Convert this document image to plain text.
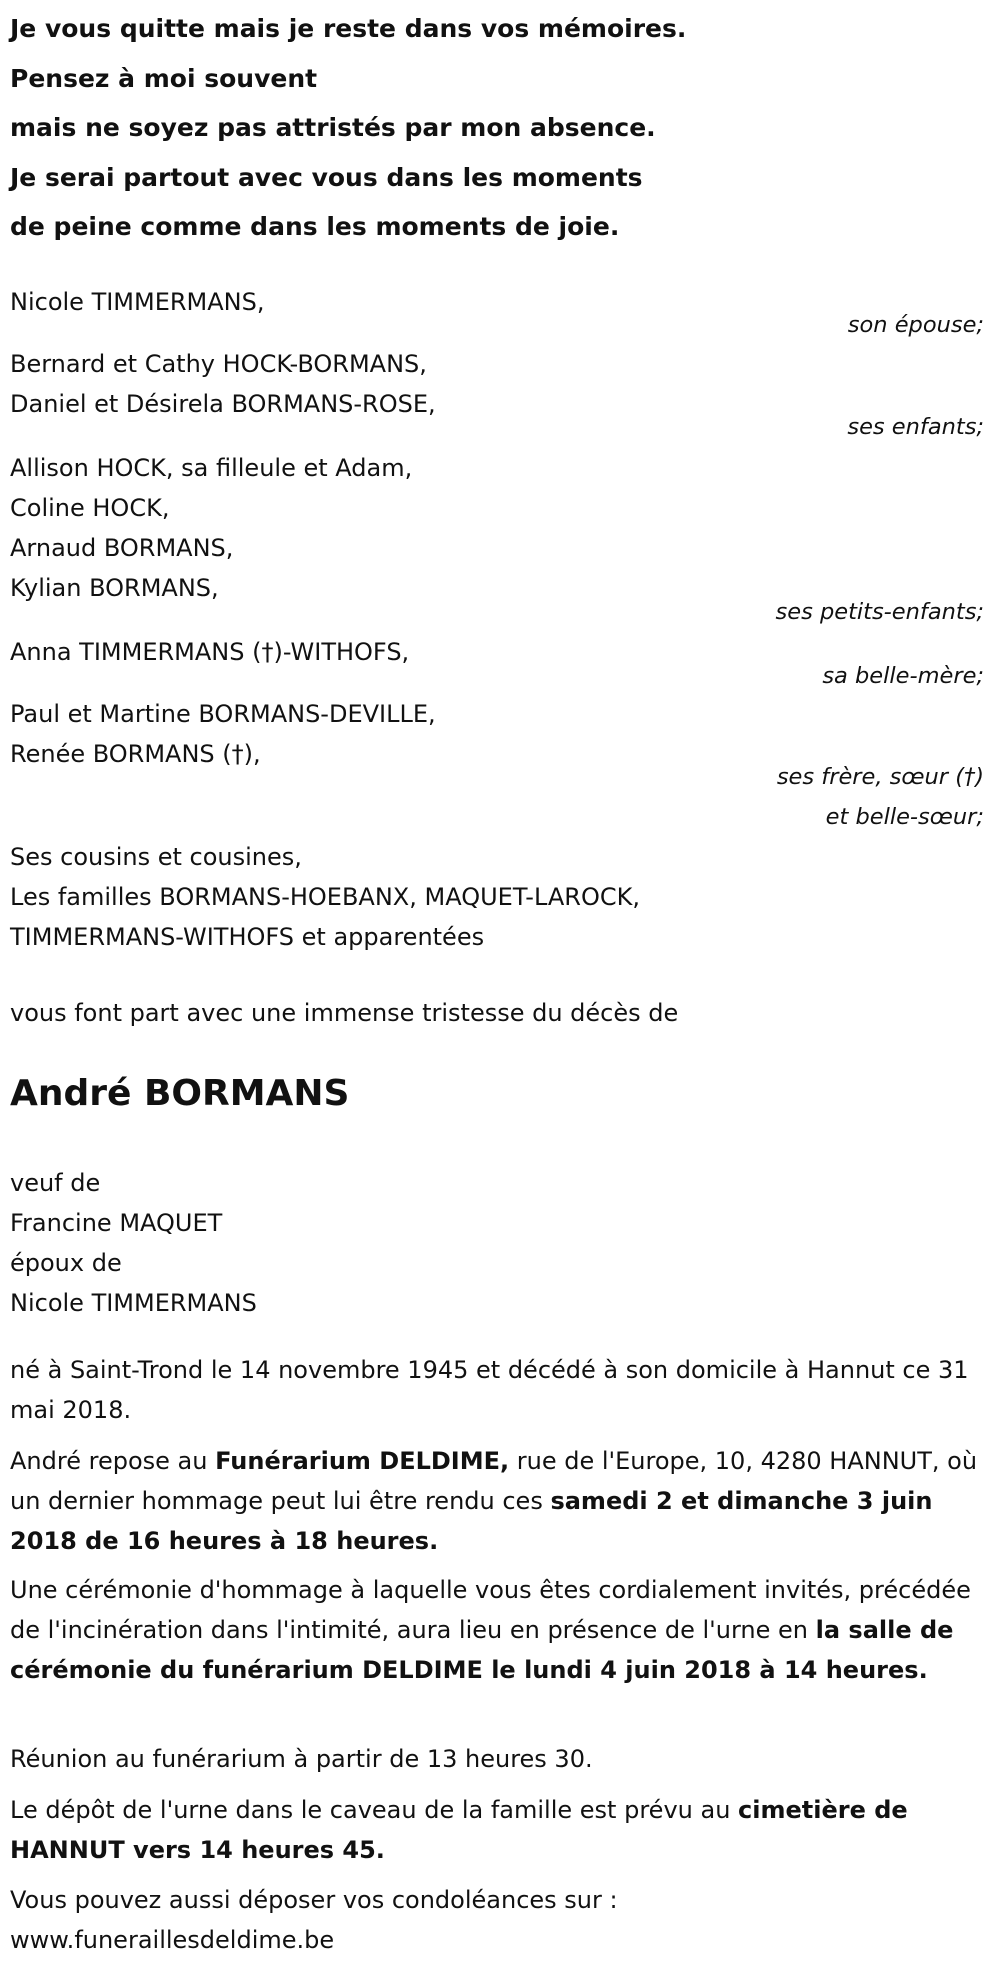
Je vous quitte mais je reste dans vos mémoires.
Pensez à moi souvent
mais ne soyez pas attristés par mon absence.
Je serai partout avec vous dans les moments
de peine comme dans les moments de joie.
Nicole TIMMERMANS,
son épouse;
Bernard et Cathy HOCK-BORMANS,
Daniel et Désirela BORMANS-ROSE,
ses enfants;
Allison HOCK, sa filleule et Adam,
Coline HOCK,
Arnaud BORMANS,
Kylian BORMANS,
ses petits-enfants;
Anna TIMMERMANS (†)-WITHOFS,
sa belle-mère;
Paul et Martine BORMANS-DEVILLE,
Renée BORMANS (†),
ses frère, sœur (†)
et belle-sœur;
Ses cousins et cousines,
Les familles BORMANS-HOEBANX, MAQUET-LAROCK,
TIMMERMANS-WITHOFS et apparentées
vous font part avec une immense tristesse du décès de
André BORMANS
veuf de
Francine MAQUET
époux de
Nicole TIMMERMANS
né à Saint-Trond le 14 novembre 1945 et décédé à son domicile à Hannut ce 31 mai 2018.
André repose au Funérarium DELDIME, rue de l'Europe, 10, 4280 HANNUT, où un dernier hommage peut lui être rendu ces samedi 2 et dimanche 3 juin 2018 de 16 heures à 18 heures.
Une cérémonie d'hommage à laquelle vous êtes cordialement invités, précédée de l'incinération dans l'intimité, aura lieu en présence de l'urne en la salle de cérémonie du funérarium DELDIME le lundi 4 juin 2018 à 14 heures.
Réunion au funérarium à partir de 13 heures 30.
Le dépôt de l'urne dans le caveau de la famille est prévu au cimetière de HANNUT vers 14 heures 45.
Vous pouvez aussi déposer vos condoléances sur :
www.funeraillesdeldime.be
